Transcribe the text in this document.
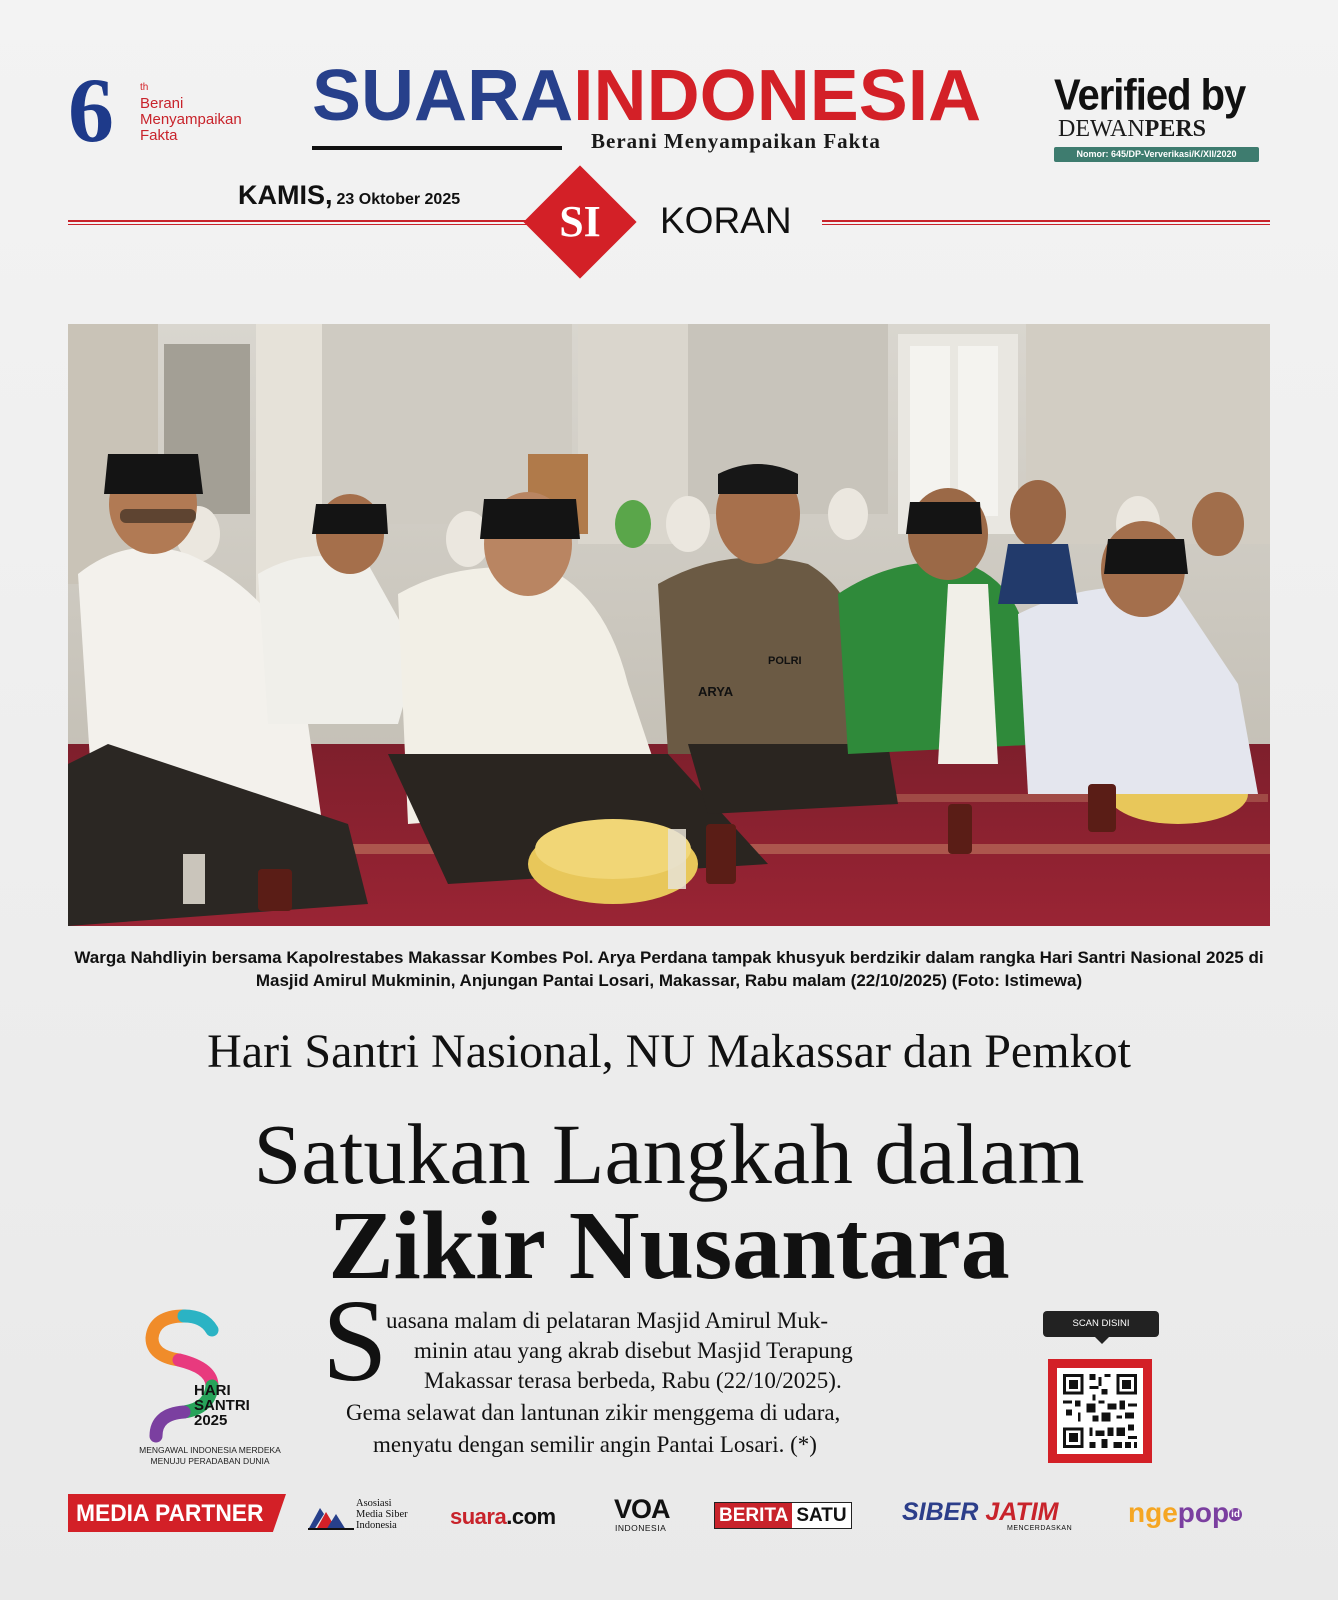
6	th
Berani
Menyampaikan
Fakta	SUARAINDONESIA
Berani Menyampaikan Fakta
Verified by
DEWANPERS
Nomor: 645/DP-Ververikasi/K/XII/2020
KAMIS, 23 Oktober 2025	SI	KORAN
ARYA
POLRI
Warga Nahdliyin bersama Kapolrestabes Makassar Kombes Pol. Arya Perdana tampak khusyuk berdzikir dalam rangka Hari Santri Nasional 2025 di Masjid Amirul Mukminin, Anjungan Pantai Losari, Makassar, Rabu malam (22/10/2025) (Foto: Istimewa)
Hari Santri Nasional, NU Makassar dan Pemkot
Satukan Langkah dalam
Zikir Nusantara
HARI
SANTRI
2025
MENGAWAL INDONESIA MERDEKA
MENUJU PERADABAN DUNIA
S
uasana malam di pelataran Masjid Amirul Muk-
minin atau yang akrab disebut Masjid Terapung
Makassar terasa berbeda, Rabu (22/10/2025).
Gema selawat dan lantunan zikir menggema di udara,
menyatu dengan semilir angin Pantai Losari. (*)
SCAN DISINI
MEDIA PARTNER	Asosiasi
Media Siber
Indonesia	suara.com VOA
INDONESIA
BERITA SATU SIBER JATIM
MENCERDASKAN
ngepop id
